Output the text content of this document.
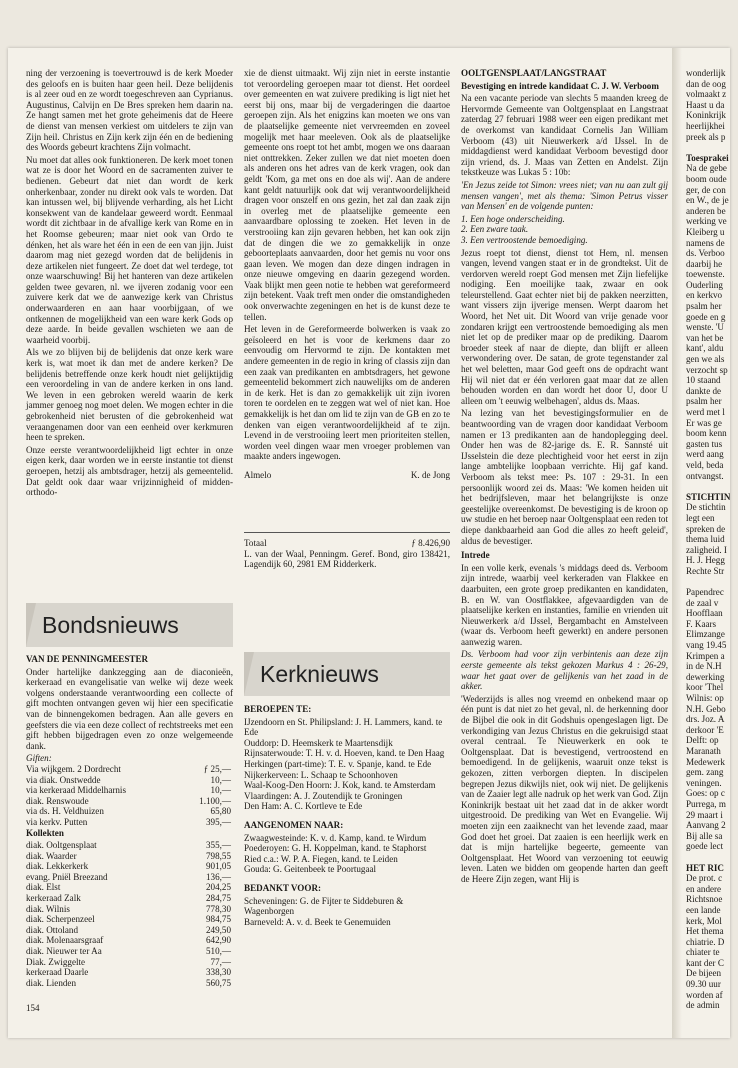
ning der verzoening is toevertrouwd is de kerk Moeder des geloofs en is buiten haar geen heil. Deze belijdenis is al zeer oud en ze wordt toegeschreven aan Cyprianus. Augustinus, Calvijn en De Bres spreken hem daarin na. Ze hangt samen met het grote geheimenis dat de Heere de dienst van mensen verkiest om uitdelers te zijn van Zijn heil. Christus en Zijn kerk zijn één en de bediening des Woords gebeurt krachtens Zijn volmacht.

Nu moet dat alles ook funktioneren. De kerk moet tonen wat ze is door het Woord en de sacramenten zuiver te bedienen. Gebeurt dat niet dan wordt de kerk onherkenbaar, zonder nu direkt ook vals te worden. Dat kan intussen wel, bij blijvende verharding, als het Licht konsekwent van de kandelaar geweerd wordt. Eenmaal wordt dit zichtbaar in de afvallige kerk van Rome en in het Roomse gebeuren; maar niet ook van Ordo te dénken, het als ware het één in een de een van jijn. Juist daarom mag niet gezegd worden dat de belijdenis in deze artikelen niet fungeert. Ze doet dat wel terdege, tot onze waarschuwing! Bij het hanteren van deze artikelen gelden twee gevaren, nl. we ijveren zodanig voor een zuivere kerk dat we de aanwezige kerk van Christus onderwaarderen en aan haar voorbijgaan, of we ontkennen de mogelijkheid van een ware kerk Gods op deze aarde. In beide gevallen wschieten we aan de waarheid voorbij.

Als we zo blijven bij de belijdenis dat onze kerk ware kerk is, wat moet ik dan met de andere kerken? De belijdenis betreffende onze kerk houdt niet gelijktijdig een veroordeling in van de andere kerken in ons land. We leven in een gebroken wereld waarin de kerk jammer genoeg nog moet delen. We mogen echter in die gebrokenheid niet berusten of die gebrokenheid wat veraangenamen door van een eenheid over kerkmuren heen te spreken.

Onze eerste verantwoordelijkheid ligt echter in onze eigen kerk, daar worden we in eerste instantie tot dienst geroepen, hetzij als ambtsdrager, hetzij als gemeentelid. Dat geldt ook daar waar vrijzinnigheid of midden-orthodo-

xie de dienst uitmaakt. Wij zijn niet in eerste instantie tot veroordeling geroepen maar tot dienst. Het oordeel over gemeenten en wat zuivere prediking is ligt niet het eerst bij ons, maar bij de vergaderingen die daartoe geroepen zijn. Als het enigzins kan moeten we ons van de plaatselijke gemeente niet vervreemden en zoveel mogelijk met haar meeleven. Ook als de plaatselijke gemeente ons roept tot het ambt, mogen we ons daaraan niet onttrekken. Zeker zullen we dat niet moeten doen als anderen ons het adres van de kerk vragen, ook dan geldt 'Kom, ga met ons en doe als wij'. Aan de andere kant geldt natuurlijk ook dat wij verantwoordelijkheid dragen voor onszelf en ons gezin, het zal dan zaak zijn in overleg met de plaatselijke gemeente een aanvaardbare oplossing te zoeken. Het leven in de verstrooiing kan zijn gevaren hebben, het kan ook zijn dat de dingen die we zo gemakkelijk in onze geboorteplaats aanvaarden, door het gemis nu voor ons gaan leven. We mogen dan deze dingen indragen in onze nieuwe omgeving en daarin gezegend worden. Vaak blijkt men geen notie te hebben wat gereformeerd zijn betekent. Vaak treft men onder die omstandigheden ook onverwachte zegeningen en het is de kunst deze te tellen.

Het leven in de Gereformeerde bolwerken is vaak zo geïsoleerd en het is voor de kerkmens daar zo eenvoudig om Hervormd te zijn. De kontakten met andere gemeenten in de regio in kring of classis zijn dan een zaak van predikanten en ambtsdragers, het gewone gemeentelid bekommert zich nauwelijks om de anderen in de kerk. Het is dan zo gemakkelijk uit zijn ivoren toren te oordelen en te zeggen wat wel of niet kan. Hoe gemakkelijk is het dan om lid te zijn van de GB en zo te denken van eigen verantwoordelijkheid af te zijn. Levend in de verstrooiing leert men prioriteiten stellen, worden veel dingen waar men vroeger problemen van maakte anders ingewogen.

Almelo	K. de Jong
Totaal	ƒ 8.426,90

L. van der Waal, Penningm. Geref. Bond, giro 138421, Lagendijk 60, 2981 EM Ridderkerk.

Bondsnieuws

VAN DE PENNINGMEESTER

Onder hartelijke dankzegging aan de diaconieën, kerkeraad en evangelisatie van welke wij deze week volgens onderstaande verantwoording een collecte of gift mochten ontvangen geven wij hier een specificatie van de binnengekomen bedragen. Aan alle gevers en geefsters die via een deze collect of rechtstreeks met een gift hebben bijgedragen even zo onze welgemeende dank.

Giften:

Via wijkgem. 2 Dordrecht	ƒ 25,—
via diak. Onstwedde	10,—
via kerkeraad Middelharnis	10,—
diak. Renswoude	1.100,—
via ds. H. Veldhuizen	65,80
via kerkv. Putten	395,—

Kollekten

diak. Ooltgensplaat	355,—
diak. Waarder	798,55
diak. Lekkerkerk	901,05
evang. Pniël Breezand	136,—
diak. Elst	204,25
kerkeraad Zalk	284,75
diak. Wilnis	778,30
diak. Scherpenzeel	984,75
diak. Ottoland	249,50
diak. Molenaarsgraaf	642,90
diak. Nieuwer ter Aa	510,—
Diak. Zwiggelte	77,—
kerkeraad Daarle	338,30
diak. Lienden	560,75
Kerknieuws

BEROEPEN TE:

IJzendoorn en St. Philipsland: J. H. Lammers, kand. te Ede

Ouddorp: D. Heemskerk te Maartensdijk

Rijnsaterwoude: T. H. v. d. Hoeven, kand. te Den Haag

Herkingen (part-time): T. E. v. Spanje, kand. te Ede

Nijkerkerveen: L. Schaap te Schoonhoven

Waal-Koog-Den Hoorn: J. Kok, kand. te Amsterdam

Vlaardingen: A. J. Zoutendijk te Groningen

Den Ham: A. C. Kortleve te Ede

AANGENOMEN NAAR:

Zwaagwesteinde: K. v. d. Kamp, kand. te Wirdum

Poederoyen: G. H. Koppelman, kand. te Staphorst

Ried c.a.: W. P. A. Fiegen, kand. te Leiden

Gouda: G. Geitenbeek te Poortugaal

BEDANKT VOOR:

Scheveningen: G. de Fijter te Siddeburen & Wagenborgen

Barneveld: A. v. d. Beek te Genemuiden

OOLTGENSPLAAT/LANGSTRAAT

Bevestiging en intrede kandidaat C. J. W. Verboom

Na een vacante periode van slechts 5 maanden kreeg de Hervormde Gemeente van Ooltgensplaat en Langstraat zaterdag 27 februari 1988 weer een eigen predikant met de overkomst van kandidaat Cornelis Jan William Verboom (43) uit Nieuwerkerk a/d IJssel. In de middagdienst werd kandidaat Verboom bevestigd door zijn vriend, ds. J. Maas van Zetten en Andelst. Zijn tekstkeuze was Lukas 5 : 10b:

'En Jezus zeide tot Simon: vrees niet; van nu aan zult gij mensen vangen', met als thema: 'Simon Petrus visser van Mensen' en de volgende punten:

1. Een hoge onderscheiding.

2. Een zware taak.

3. Een vertroostende bemoediging.

Jezus roept tot dienst, dienst tot Hem, nl. mensen vangen, levend vangen staat er in de grondtekst. Uit de verdorven wereld roept God mensen met Zijn liefelijke nodiging. Een moeilijke taak, zwaar en ook teleurstellend. Gaat echter niet bij de pakken neerzitten, want vissers zijn ijverige mensen. Werpt daarom het Woord, het Net uit. Dit Woord van vrije genade voor zondaren krijgt een vertroostende bemoediging als men niet let op de prediker maar op de prediking. Daarom broeder steek af naar de diepte, dan blijft er alleen verwondering over. De satan, de grote tegenstander zal het wel beletten, maar God geeft ons de opdracht want Hij wil niet dat er één verloren gaat maar dat ze allen behouden worden en dan wordt het door U, door U alleen om 't eeuwig welbehagen', aldus ds. Maas.

Na lezing van het bevestigingsformulier en de beantwoording van de vragen door kandidaat Verboom namen er 13 predikanten aan de handoplegging deel. Onder hen was de 82-jarige ds. E. R. Sannsté uit IJsselstein die deze plechtigheid voor het eerst in zijn lange ambtelijke loopbaan verrichte. Hij gaf kand. Verboom als tekst mee: Ps. 107 : 29-31. In een persoonlijk woord zei ds. Maas: 'We komen heiden uit het bedrijfsleven, maar het belangrijkste is onze geestelijke overeenkomst. De bevestiging is de kroon op uw studie en het beroep naar Ooltgensplaat een reden tot diepe dankbaarheid aan God die alles zo heeft geleid', aldus de bevestiger.

Intrede

In een volle kerk, evenals 's middags deed ds. Verboom zijn intrede, waarbij veel kerkeraden van Flakkee en daarbuiten, een grote groep predikanten en kandidaten, B. en W. van Oostflakkee, afgevaardigden van de plaatselijke kerken en instanties, familie en vrienden uit Nieuwerkerk a/d IJssel, Bergambacht en Amstelveen (waar ds. Verboom heeft gewerkt) en andere personen aanwezig waren.

Ds. Verboom had voor zijn verbintenis aan deze zijn eerste gemeente als tekst gekozen Markus 4 : 26-29, waar het gaat over de gelijkenis van het zaad in de akker.

'Wederzijds is alles nog vreemd en onbekend maar op één punt is dat niet zo het geval, nl. de herkenning door de Bijbel die ook in dit Godshuis opengeslagen ligt. De verkondiging van Jezus Christus en die gekruisigd staat overal centraal. Te Nieuwerkerk en ook te Ooltgensplaat. Dat is bevestigend, vertroostend en bemoedigend. In de gelijkenis, waaruit onze tekst is gekozen, zitten verborgen diepten. In discipelen begrepen Jezus dikwijls niet, ook wij niet. De gelijkenis van de Zaaier legt alle nadruk op het werk van God. Zijn Koninkrijk bestaat uit het zaad dat in de akker wordt uitgestrooid. De prediking van Wet en Evangelie. Wij moeten zijn een zaaiknecht van het levende zaad, maar God doet het groei. Dat zaaien is een heerlijk werk en dat is mijn hartelijke begeerte, gemeente van Ooltgensplaat. Het Woord van verzoening tot eeuwig leven. Laten we bidden om geopende harten dan geeft de Heere Zijn zegen, want Hij is

wonderlijk
dan de oog
volmaakt z
Haast u da
Koninkrijk
heerlijkhei
preek als p
Toesprakei
Na de gebe
boom oude
ger, de con
en W., de je
anderen be
werking ve
Kleiberg u
namens de
ds. Verboo
daarbij he
toewenste.
Ouderling
en kerkvo
psalm her
goede en g
wenste. 'U
van het be
kant', aldu
gen we als
verzocht sp
10 staand
dankte de
psalm her
werd met l
Er was ge
boom kenn
gasten tus
werd aang
veld, beda
ontvangst.
STICHTIN
De stichtin
legt een
spreken de
thema luid
zaligheid. I
H. J. Hegg
Rechte Str
Papendrec
de zaal v
Hoofflaan
F. Kaars
Elimzange
vang 19.45
Krimpen a
in de N.H
dewerking
koor 'Thel
Wilnis: op
N.H. Gebo
drs. Joz. A
derkoor 'E
Delft: op
Maranath
Medewerk
gem. zang
veningen.
Goes: op c
Purrega, m
29 maart i
Aanvang 2
Bij alle sa
goede lect
HET RIC
De prot. c
en andere
Richtsnoe
een lande
kerk, Mol
Het thema
chiatrie. D
chiater te
kant der C
De bijeen
09.30 uur
worden af
de admin
154
